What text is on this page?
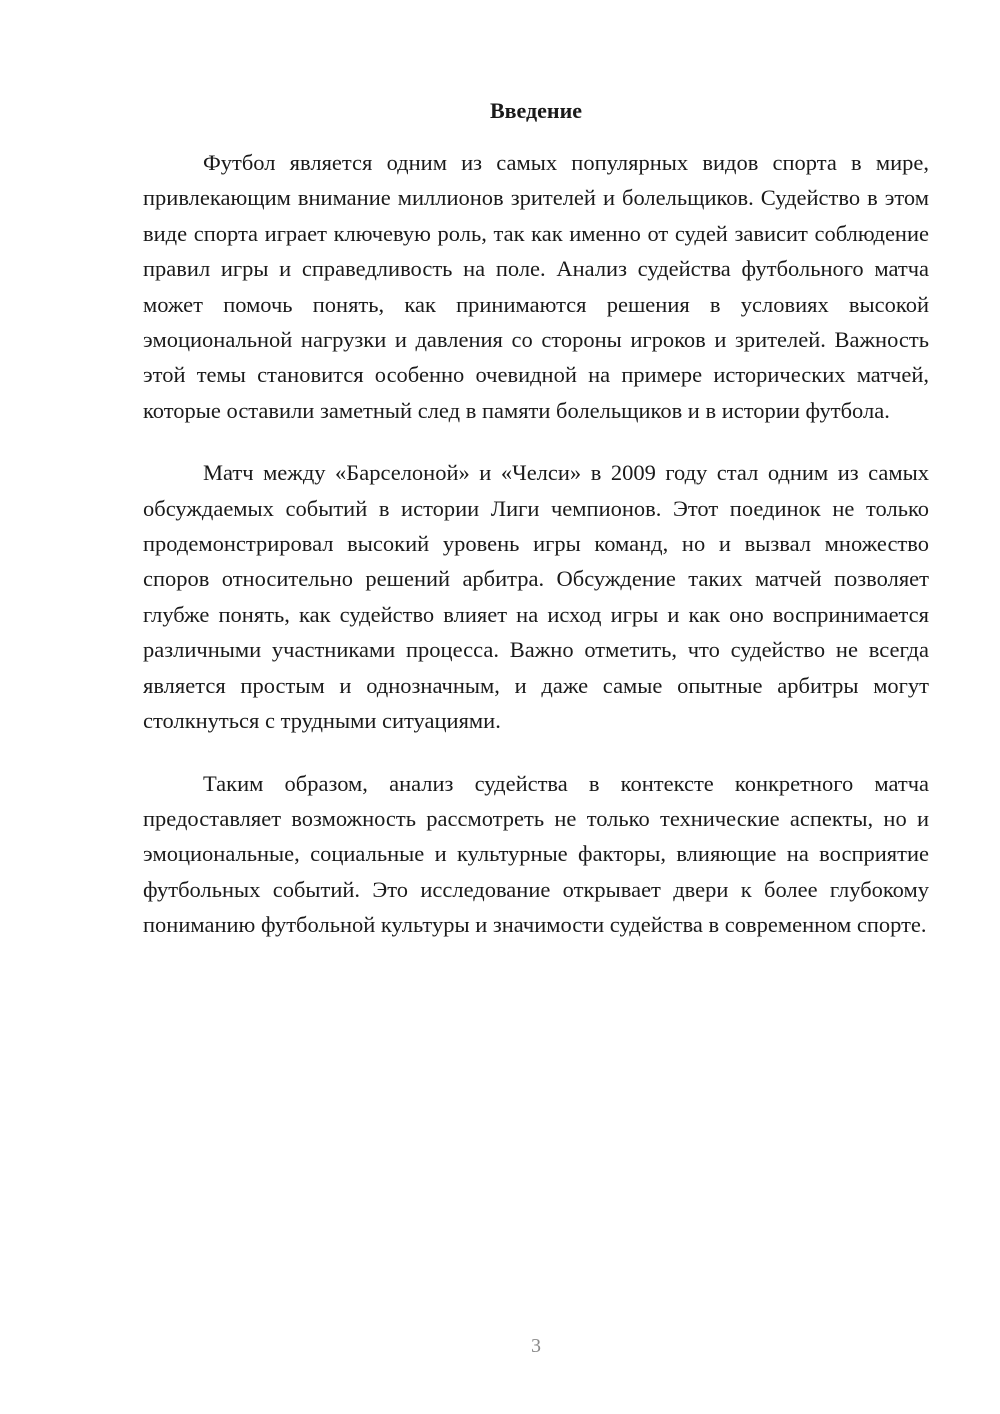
Введение

Футбол является одним из самых популярных видов спорта в мире, привлекающим внимание миллионов зрителей и болельщиков. Судейство в этом виде спорта играет ключевую роль, так как именно от судей зависит соблюдение правил игры и справедливость на поле. Анализ судейства футбольного матча может помочь понять, как принимаются решения в условиях высокой эмоциональной нагрузки и давления со стороны игроков и зрителей. Важность этой темы становится особенно очевидной на примере исторических матчей, которые оставили заметный след в памяти болельщиков и в истории футбола.

Матч между «Барселоной» и «Челси» в 2009 году стал одним из самых обсуждаемых событий в истории Лиги чемпионов. Этот поединок не только продемонстрировал высокий уровень игры команд, но и вызвал множество споров относительно решений арбитра. Обсуждение таких матчей позволяет глубже понять, как судейство влияет на исход игры и как оно воспринимается различными участниками процесса. Важно отметить, что судейство не всегда является простым и однозначным, и даже самые опытные арбитры могут столкнуться с трудными ситуациями.

Таким образом, анализ судейства в контексте конкретного матча предоставляет возможность рассмотреть не только технические аспекты, но и эмоциональные, социальные и культурные факторы, влияющие на восприятие футбольных событий. Это исследование открывает двери к более глубокому пониманию футбольной культуры и значимости судейства в современном спорте.

3
